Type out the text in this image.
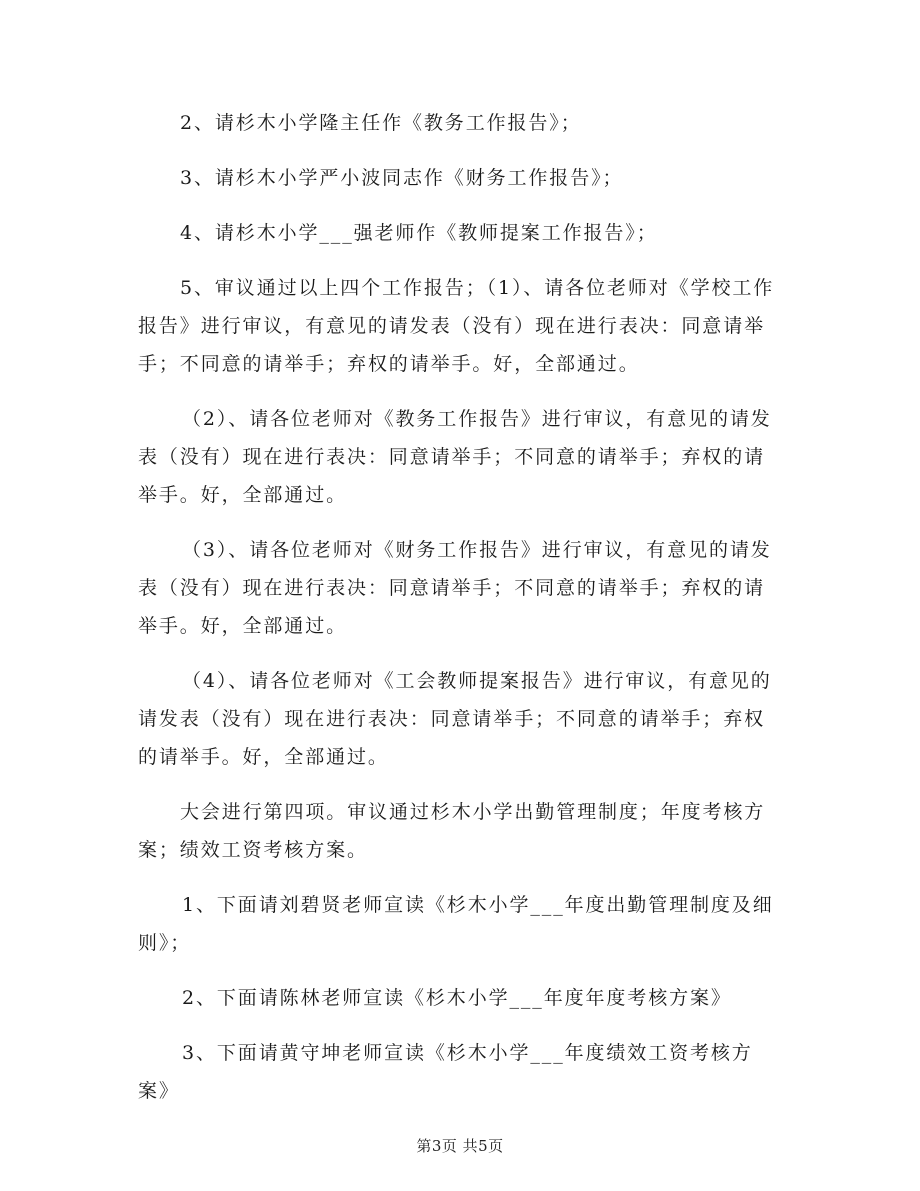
2、请杉木小学隆主任作《教务工作报告》；

3、请杉木小学严小波同志作《财务工作报告》；

4、请杉木小学___强老师作《教师提案工作报告》；

5、审议通过以上四个工作报告；（1）、请各位老师对《学校工作报告》进行审议，有意见的请发表（没有）现在进行表决：同意请举手；不同意的请举手；弃权的请举手。好，全部通过。

（2）、请各位老师对《教务工作报告》进行审议，有意见的请发表（没有）现在进行表决：同意请举手；不同意的请举手；弃权的请举手。好，全部通过。

（3）、请各位老师对《财务工作报告》进行审议，有意见的请发表（没有）现在进行表决：同意请举手；不同意的请举手；弃权的请举手。好，全部通过。

（4）、请各位老师对《工会教师提案报告》进行审议，有意见的请发表（没有）现在进行表决：同意请举手；不同意的请举手；弃权的请举手。好，全部通过。

大会进行第四项。审议通过杉木小学出勤管理制度；年度考核方案；绩效工资考核方案。

1、下面请刘碧贤老师宣读《杉木小学___年度出勤管理制度及细则》；

2、下面请陈林老师宣读《杉木小学___年度年度考核方案》

3、下面请黄守坤老师宣读《杉木小学___年度绩效工资考核方案》

第3页 共5页
